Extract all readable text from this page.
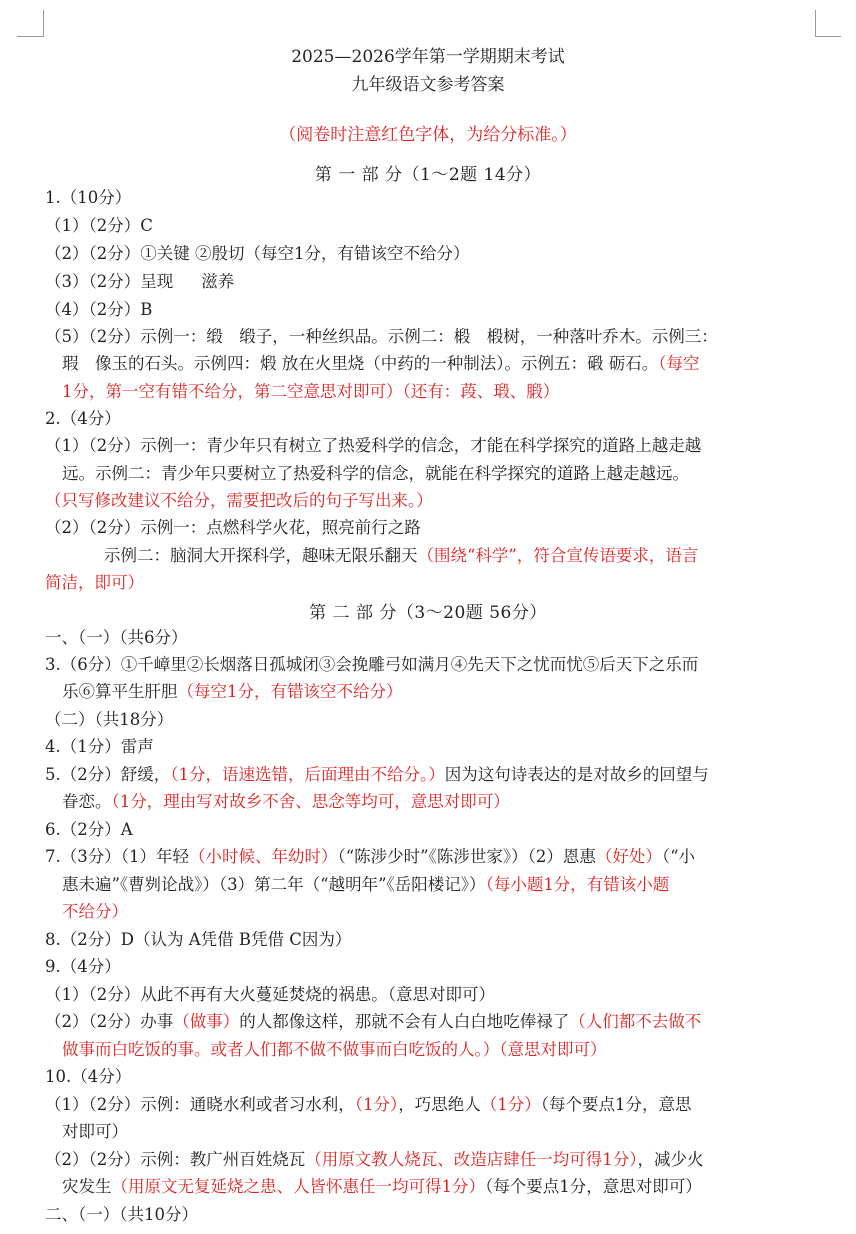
2025—2026学年第一学期期末考试
九年级语文参考答案
（阅卷时注意红色字体，为给分标准。）
第 一 部 分（1～2题 14分）
1.（10分）
（1）（2分）C
（2）（2分）①关键 ②殷切（每空1分，有错该空不给分）
（3）（2分）呈现 滋养
（4）（2分）B
（5）（2分）示例一：缎　缎子，一种丝织品。示例二：椴　椴树，一种落叶乔木。示例三：
瑕　像玉的石头。示例四：煅 放在火里烧（中药的一种制法）。示例五：碫 砺石。（每空
1分，第一空有错不给分，第二空意思对即可）（还有：葮、瑖、腶）
2.（4分）
（1）（2分）示例一：青少年只有树立了热爱科学的信念，才能在科学探究的道路上越走越
远。示例二：青少年只要树立了热爱科学的信念，就能在科学探究的道路上越走越远。
（只写修改建议不给分，需要把改后的句子写出来。）
（2）（2分）示例一：点燃科学火花，照亮前行之路
示例二：脑洞大开探科学，趣味无限乐翻天（围绕“科学”，符合宣传语要求，语言
简洁，即可）
第 二 部 分（3～20题 56分）
一、（一）（共6分）
3.（6分）①千嶂里②长烟落日孤城闭③会挽雕弓如满月④先天下之忧而忧⑤后天下之乐而
乐⑥算平生肝胆（每空1分，有错该空不给分）
（二）（共18分）
4.（1分）雷声
5.（2分）舒缓，（1分，语速选错，后面理由不给分。）因为这句诗表达的是对故乡的回望与
眷恋。（1分，理由写对故乡不舍、思念等均可，意思对即可）
6.（2分）A
7.（3分）（1）年轻（小时候、年幼时）（“陈涉少时”《陈涉世家》）（2）恩惠（好处）（“小
惠未遍”《曹刿论战》）（3）第二年（“越明年”《岳阳楼记》）（每小题1分，有错该小题
不给分）
8.（2分）D（认为 A凭借 B凭借 C因为）
9.（4分）
（1）（2分）从此不再有大火蔓延焚烧的祸患。（意思对即可）
（2）（2分）办事（做事）的人都像这样，那就不会有人白白地吃俸禄了（人们都不去做不
做事而白吃饭的事。或者人们都不做不做事而白吃饭的人。）（意思对即可）
10.（4分）
（1）（2分）示例：通晓水利或者习水利，（1分），巧思绝人（1分）（每个要点1分，意思
对即可）
（2）（2分）示例：教广州百姓烧瓦（用原文教人烧瓦、改造店肆任一均可得1分），减少火
灾发生（用原文无复延烧之患、人皆怀惠任一均可得1分）（每个要点1分，意思对即可）
二、（一）（共10分）
